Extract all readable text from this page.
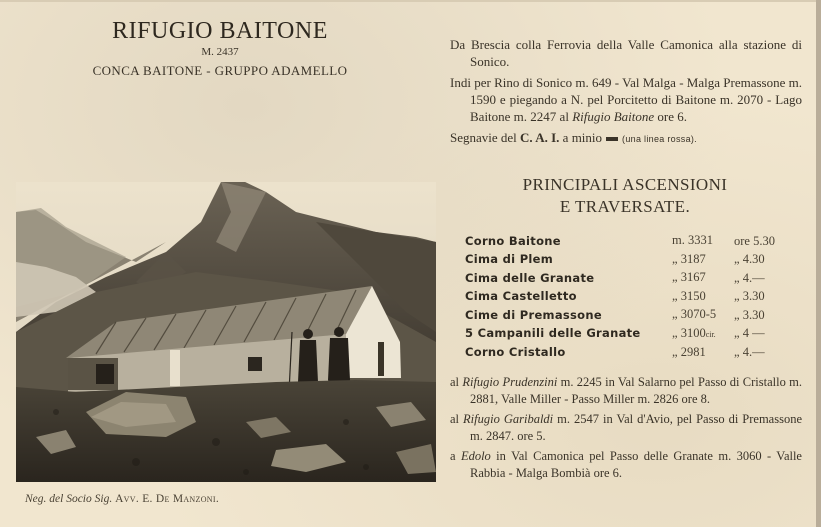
RIFUGIO BAITONE
M. 2437
CONCA BAITONE - GRUPPO ADAMELLO
Neg. del Socio Sig. Avv. E. De Manzoni.

Da Brescia colla Ferrovia della Valle Camonica alla stazione di Sonico.

Indi per Rino di Sonico m. 649 - Val Malga - Malga Premassone m. 1590 e piegando a N. pel Porcitetto di Baitone m. 2070 - Lago Baitone m. 2247 al Rifugio Baitone ore 6.

Segnavie del C. A. I. a minio (una linea rossa).

PRINCIPALI ASCENSIONI
E TRAVERSATE.
Corno Baitone	m. 3331	ore 5.30
Cima di Plem	„ 3187	„ 4.30
Cima delle Granate	„ 3167	„ 4.—
Cima Castelletto	„ 3150	„ 3.30
Cime di Premassone	„ 3070-5	„ 3.30
5 Campanili delle Granate	„ 3100cir.	„ 4 —
Corno Cristallo	„ 2981	„ 4.—

al Rifugio Prudenzini m. 2245 in Val Salarno pel Passo di Cristallo m. 2881, Valle Miller - Passo Miller m. 2826 ore 8.

al Rifugio Garibaldi m. 2547 in Val d'Avio, pel Passo di Premassone m. 2847. ore 5.

a Edolo in Val Camonica pel Passo delle Granate m. 3060 - Valle Rabbia - Malga Bombià ore 6.
